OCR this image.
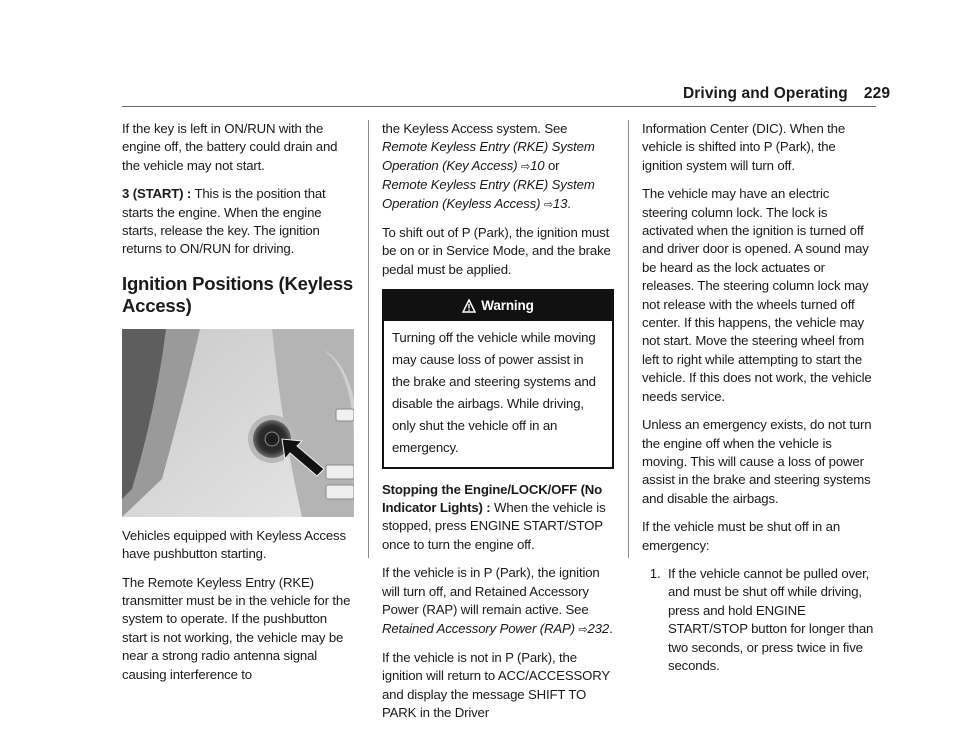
Driving and Operating 229

If the key is left in ON/RUN with the engine off, the battery could drain and the vehicle may not start.

3 (START) : This is the position that starts the engine. When the engine starts, release the key. The ignition returns to ON/RUN for driving.

Ignition Positions (Keyless Access)

Vehicles equipped with Keyless Access have pushbutton starting.

The Remote Keyless Entry (RKE) transmitter must be in the vehicle for the system to operate. If the pushbutton start is not working, the vehicle may be near a strong radio antenna signal causing interference to

the Keyless Access system. See Remote Keyless Entry (RKE) System Operation (Key Access) ⇨10 or
Remote Keyless Entry (RKE) System Operation (Keyless Access) ⇨13.

To shift out of P (Park), the ignition must be on or in Service Mode, and the brake pedal must be applied.

Warning
Turning off the vehicle while moving may cause loss of power assist in the brake and steering systems and disable the airbags. While driving, only shut the vehicle off in an emergency.

Stopping the Engine/LOCK/OFF (No Indicator Lights) : When the vehicle is stopped, press ENGINE START/STOP once to turn the engine off.

If the vehicle is in P (Park), the ignition will turn off, and Retained Accessory Power (RAP) will remain active. See Retained Accessory Power (RAP) ⇨232.

If the vehicle is not in P (Park), the ignition will return to ACC/ACCESSORY and display the message SHIFT TO PARK in the Driver

Information Center (DIC). When the vehicle is shifted into P (Park), the ignition system will turn off.

The vehicle may have an electric steering column lock. The lock is activated when the ignition is turned off and driver door is opened. A sound may be heard as the lock actuates or releases. The steering column lock may not release with the wheels turned off center. If this happens, the vehicle may not start. Move the steering wheel from left to right while attempting to start the vehicle. If this does not work, the vehicle needs service.

Unless an emergency exists, do not turn the engine off when the vehicle is moving. This will cause a loss of power assist in the brake and steering systems and disable the airbags.

If the vehicle must be shut off in an emergency:

1. If the vehicle cannot be pulled over, and must be shut off while driving, press and hold ENGINE START/STOP button for longer than two seconds, or press twice in five seconds.
